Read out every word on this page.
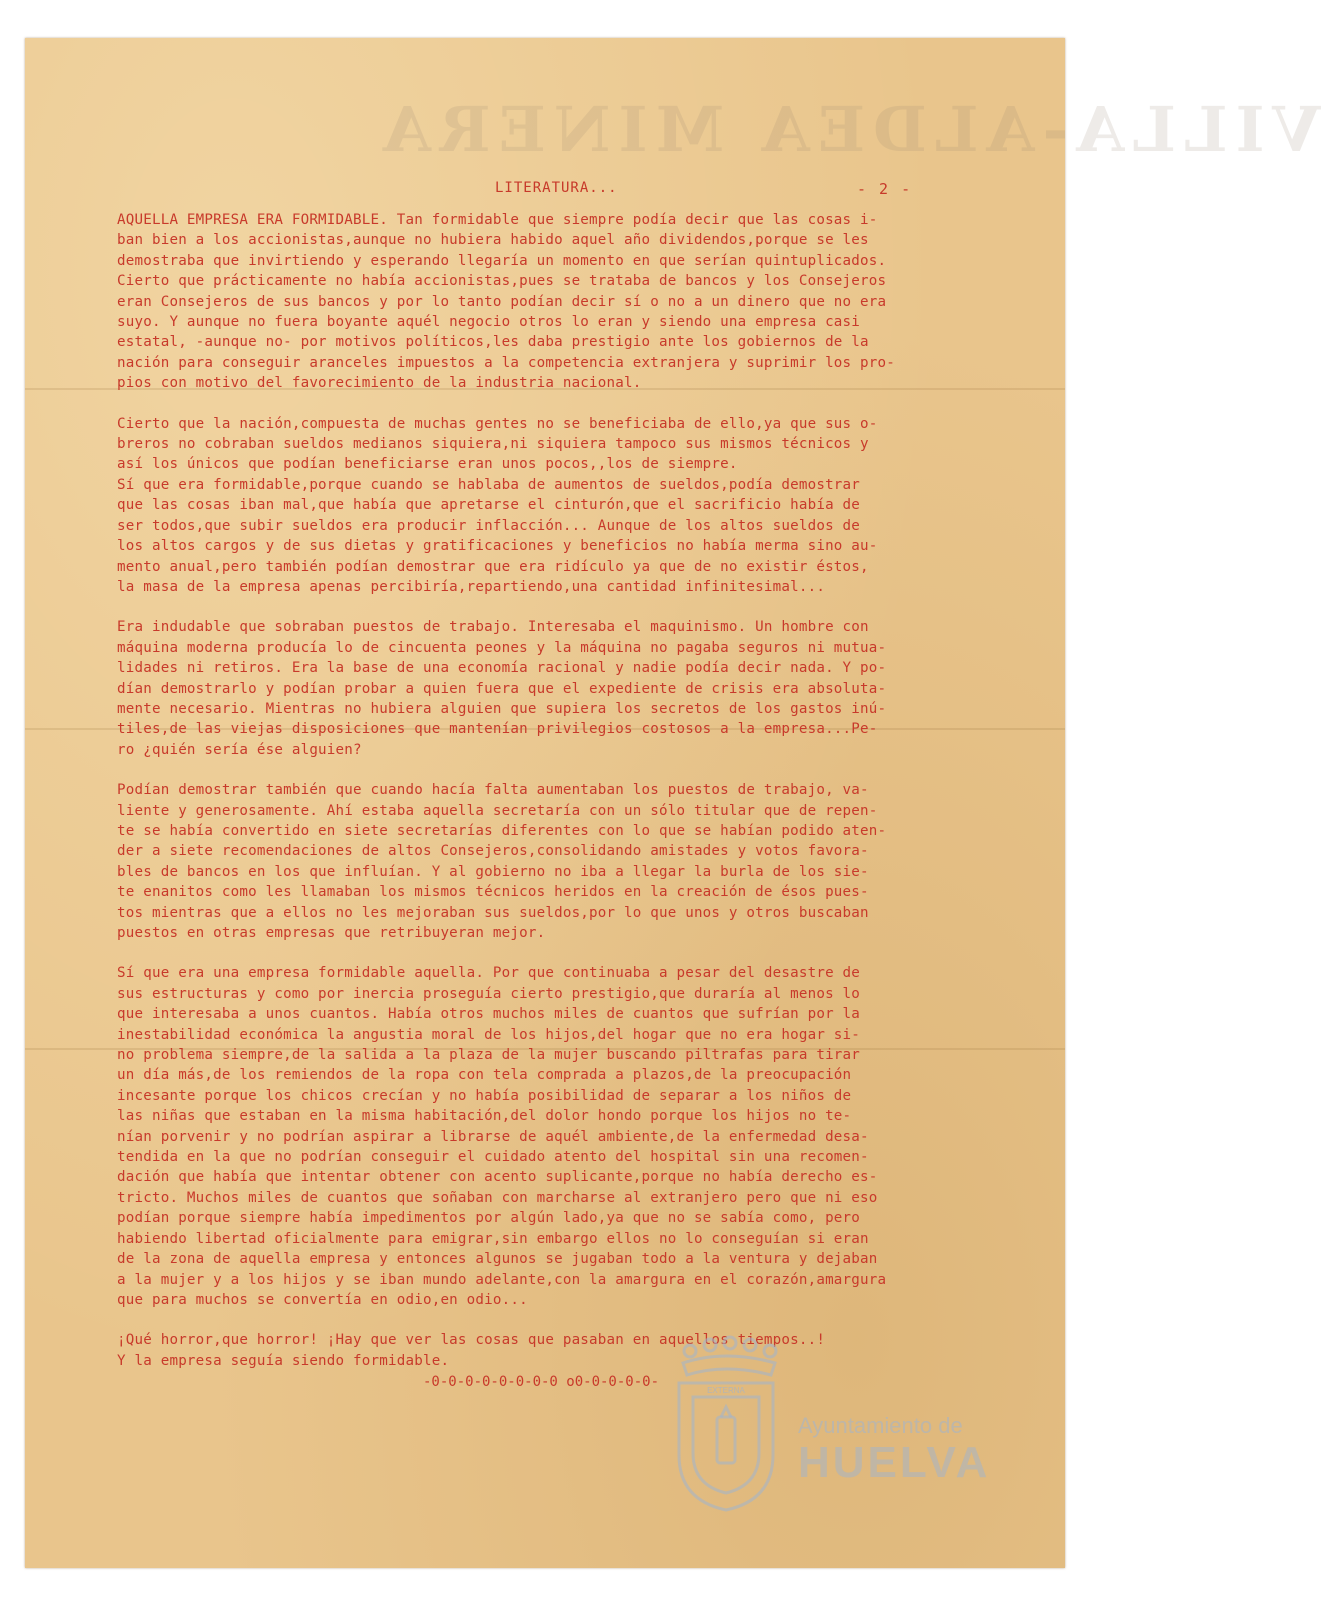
VILLA-ALDEA MINERA
LITERATURA...	- 2 -

AQUELLA EMPRESA ERA FORMIDABLE. Tan formidable que siempre podía decir que las cosas i-
ban bien a los accionistas,aunque no hubiera habido aquel año dividendos,porque se les
demostraba que invirtiendo y esperando llegaría un momento en que serían quintuplicados.
Cierto que prácticamente no había accionistas,pues se trataba de bancos y los Consejeros
eran Consejeros de sus bancos y por lo tanto podían decir sí o no a un dinero que no era
suyo. Y aunque no fuera boyante aquél negocio otros lo eran y siendo una empresa casi
estatal, -aunque no- por motivos políticos,les daba prestigio ante los gobiernos de la
nación para conseguir aranceles impuestos a la competencia extranjera y suprimir los pro-
pios con motivo del favorecimiento de la industria nacional.

Cierto que la nación,compuesta de muchas gentes no se beneficiaba de ello,ya que sus o-
breros no cobraban sueldos medianos siquiera,ni siquiera tampoco sus mismos técnicos y
así los únicos que podían beneficiarse eran unos pocos,,los de siempre.
Sí que era formidable,porque cuando se hablaba de aumentos de sueldos,podía demostrar
que las cosas iban mal,que había que apretarse el cinturón,que el sacrificio había de
ser todos,que subir sueldos era producir inflacción... Aunque de los altos sueldos de
los altos cargos y de sus dietas y gratificaciones y beneficios no había merma sino au-
mento anual,pero también podían demostrar que era ridículo ya que de no existir éstos,
la masa de la empresa apenas percibiría,repartiendo,una cantidad infinitesimal...

Era indudable que sobraban puestos de trabajo. Interesaba el maquinismo. Un hombre con
máquina moderna producía lo de cincuenta peones y la máquina no pagaba seguros ni mutua-
lidades ni retiros. Era la base de una economía racional y nadie podía decir nada. Y po-
dían demostrarlo y podían probar a quien fuera que el expediente de crisis era absoluta-
mente necesario. Mientras no hubiera alguien que supiera los secretos de los gastos inú-
tiles,de las viejas disposiciones que mantenían privilegios costosos a la empresa...Pe-
ro ¿quién sería ése alguien?

Podían demostrar también que cuando hacía falta aumentaban los puestos de trabajo, va-
liente y generosamente. Ahí estaba aquella secretaría con un sólo titular que de repen-
te se había convertido en siete secretarías diferentes con lo que se habían podido aten-
der a siete recomendaciones de altos Consejeros,consolidando amistades y votos favora-
bles de bancos en los que influían. Y al gobierno no iba a llegar la burla de los sie-
te enanitos como les llamaban los mismos técnicos heridos en la creación de ésos pues-
tos mientras que a ellos no les mejoraban sus sueldos,por lo que unos y otros buscaban
puestos en otras empresas que retribuyeran mejor.

Sí que era una empresa formidable aquella. Por que continuaba a pesar del desastre de
sus estructuras y como por inercia proseguía cierto prestigio,que duraría al menos lo
que interesaba a unos cuantos. Había otros muchos miles de cuantos que sufrían por la
inestabilidad económica la angustia moral de los hijos,del hogar que no era hogar si-
no problema siempre,de la salida a la plaza de la mujer buscando piltrafas para tirar
un día más,de los remiendos de la ropa con tela comprada a plazos,de la preocupación
incesante porque los chicos crecían y no había posibilidad de separar a los niños de
las niñas que estaban en la misma habitación,del dolor hondo porque los hijos no te-
nían porvenir y no podrían aspirar a librarse de aquél ambiente,de la enfermedad desa-
tendida en la que no podrían conseguir el cuidado atento del hospital sin una recomen-
dación que había que intentar obtener con acento suplicante,porque no había derecho es-
tricto. Muchos miles de cuantos que soñaban con marcharse al extranjero pero que ni eso
podían porque siempre había impedimentos por algún lado,ya que no se sabía como, pero
habiendo libertad oficialmente para emigrar,sin embargo ellos no lo conseguían si eran
de la zona de aquella empresa y entonces algunos se jugaban todo a la ventura y dejaban
a la mujer y a los hijos y se iban mundo adelante,con la amargura en el corazón,amargura
que para muchos se convertía en odio,en odio...

¡Qué horror,que horror! ¡Hay que ver las cosas que pasaban en aquellos tiempos..!
Y la empresa seguía siendo formidable.

-0-0-0-0-0-0-0-0 o0-0-0-0-0-
EXTERNA
Ayuntamiento de
HUELVA
